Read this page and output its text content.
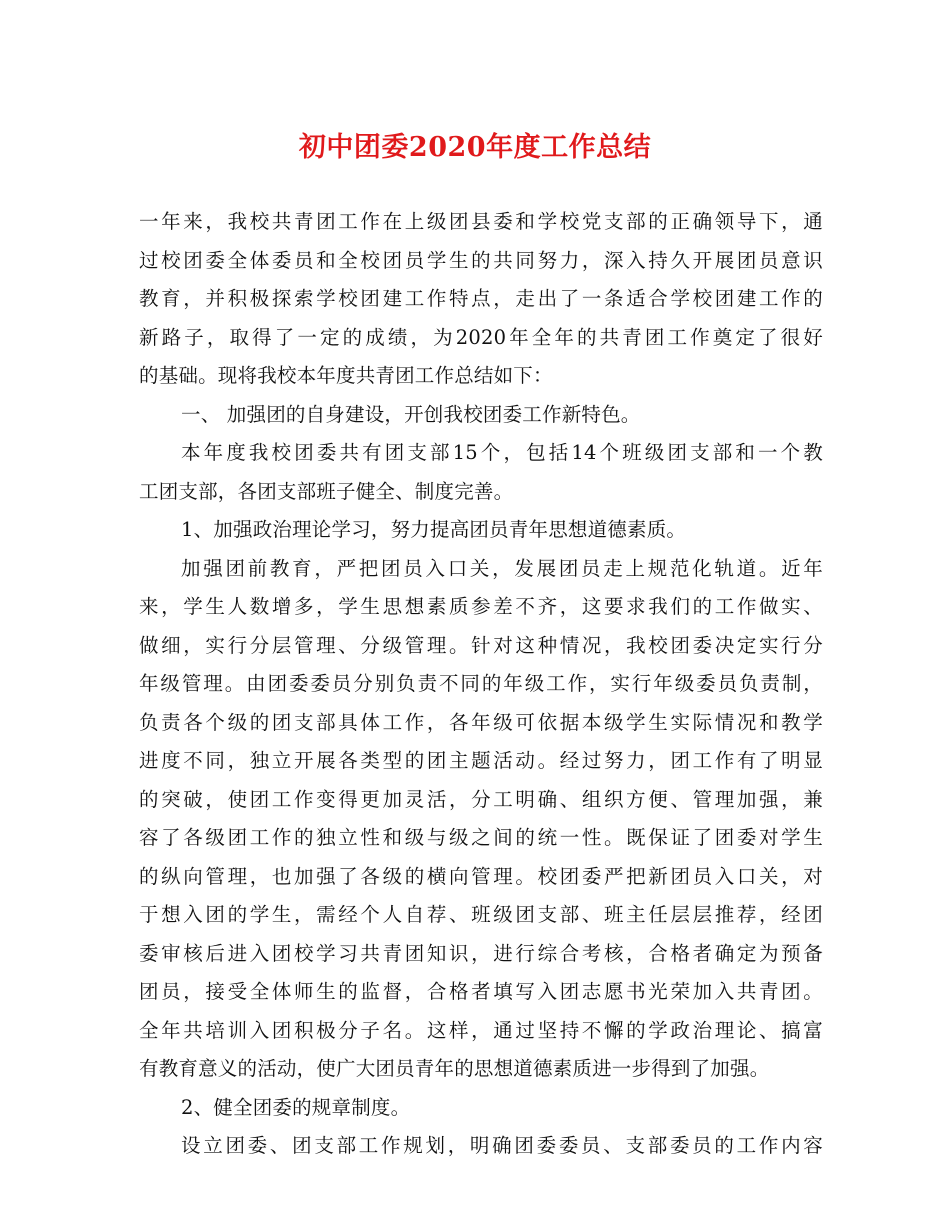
初中团委2020年度工作总结
一年来，我校共青团工作在上级团县委和学校党支部的正确领导下，通
过校团委全体委员和全校团员学生的共同努力，深入持久开展团员意识
教育，并积极探索学校团建工作特点，走出了一条适合学校团建工作的
新路子，取得了一定的成绩，为2020年全年的共青团工作奠定了很好
的基础。现将我校本年度共青团工作总结如下：
一、 加强团的自身建设，开创我校团委工作新特色。
本年度我校团委共有团支部15个，包括14个班级团支部和一个教
工团支部，各团支部班子健全、制度完善。
1、加强政治理论学习，努力提高团员青年思想道德素质。
加强团前教育，严把团员入口关，发展团员走上规范化轨道。近年
来，学生人数增多，学生思想素质参差不齐，这要求我们的工作做实、
做细，实行分层管理、分级管理。针对这种情况，我校团委决定实行分
年级管理。由团委委员分别负责不同的年级工作，实行年级委员负责制，
负责各个级的团支部具体工作，各年级可依据本级学生实际情况和教学
进度不同，独立开展各类型的团主题活动。经过努力，团工作有了明显
的突破，使团工作变得更加灵活，分工明确、组织方便、管理加强，兼
容了各级团工作的独立性和级与级之间的统一性。既保证了团委对学生
的纵向管理，也加强了各级的横向管理。校团委严把新团员入口关，对
于想入团的学生，需经个人自荐、班级团支部、班主任层层推荐，经团
委审核后进入团校学习共青团知识，进行综合考核，合格者确定为预备
团员，接受全体师生的监督，合格者填写入团志愿书光荣加入共青团。
全年共培训入团积极分子名。这样，通过坚持不懈的学政治理论、搞富
有教育意义的活动，使广大团员青年的思想道德素质进一步得到了加强。
2、健全团委的规章制度。
设立团委、团支部工作规划，明确团委委员、支部委员的工作内容
